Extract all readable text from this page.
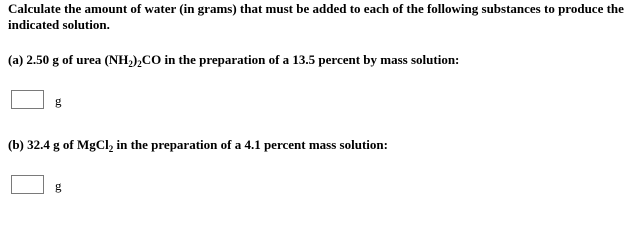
Calculate the amount of water (in grams) that must be added to each of the following substances to produce the indicated solution.
(a) 2.50 g of urea $(NH_2)_2CO$ in the preparation of a 13.5 percent by mass solution:
g
(b) 32.4 g of MgCl$_2$ in the preparation of a 4.1 percent mass solution:
g
